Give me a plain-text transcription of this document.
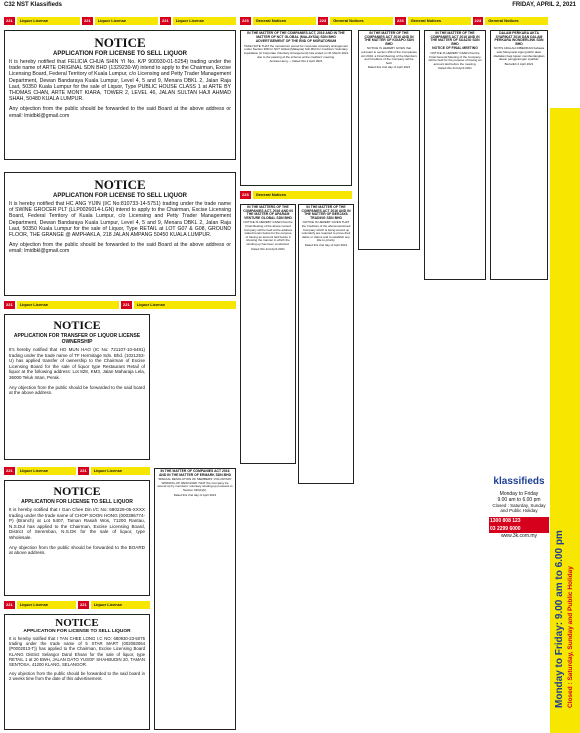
C32 NST Klassifieds	FRIDAY, APRIL 2, 2021
221	Liquor License	221	Liquor License	221	Liquor License	223	General Notices	223	General Notices	223	General Notices	223	General Notices
NOTICE
APPLICATION FOR LICENSE TO SELL LIQUOR
It is hereby notified that FELICIA CHUA SHIN YI No. K/P 900930-01-5254) trading under the trade name of ARTE ORIGINAL SDN BHD (1329230-W) intend to apply to the Chairman, Excise Licensing Board, Federal Territory of Kuala Lumpur, c/o Licensing and Petty Trader Management Department, Dewan Bandaraya Kuala Lumpur, Level 4, 5 and 9, Menara DBKL 2, Jalan Raja Laut, 50350 Kuala Lumpur for the sale of Liquor, Type PUBLIC HOUSE CLASS 1 at ARTE BY THOMAS CHAN, ARTE MONT KIARA, TOWER 2, LEVEL 46, JALAN SULTAN HAJI AHMAD SHAH, 50480 KUALA LUMPUR.
Any objection from the public should be forwarded to the said Board at the above address or email: lmidbkl@gmail.com
NOTICE
APPLICATION FOR LICENSE TO SELL LIQUOR
It is hereby notified that HC ANG YIJIN (I/C No:810733-14-5751) trading under the trade name of SWINE GROCER PLT (LLP0026014-LGN) intend to apply to the Chairman, Excise Licensing Board, Federal Territory of Kuala Lumpur, c/o Licensing and Petty Trader Management Department, Dewan Bandaraya Kuala Lumpur, Level 4, 5 and 9, Menara DBKL 2, Jalan Raja Laut, 50350 Kuala Lumpur for the sale of Liquor, Type RETAIL at LOT G07 & G08, GROUND FLOOR, THE GRANGE @ AMPHAKLA, 218 JALAN AMPANG 50450 KUALA LUMPUR.
Any objection from the public should be forwarded to the said Board at the above address or email: lmidbkl@gmail.com
221	Liquor License	221	Liquor License
NOTICE
APPLICATION FOR TRANSFER OF LIQUOR LICENSE OWNERSHIP
It's hereby notified that HO MUN HAO (IC No: 721107-10-6481) trading under the trade name of TF Hermitage Sdn. Bhd. (1021253-U) has applied transfer of ownership to the Chairman of Excise Licensing Board for the sale of liquor type Restaurant Retail of liquor at the following address: Lot 828, KM3, Jalan Maharaja Lela, 36000 Teluk Intan, Perak.
Any objection from the public should be forwarded to the said board at the above address.
221	Liquor License	221	Liquor License
NOTICE
APPLICATION FOR LICENSE TO SELL LIQUOR
It is hereby notified that I Gan Chee Din I/C No: 680229-05-XXXX trading under the trade name of CHOP SOON HONG (000395774-P) (Branch) at Lot 5407, Taman Rasah Wos, 71200 Rantau, N.S.Dul has applied to the Chairman, Excise Licensing Board, District of Seremban, N.S.DK for the sale of liquor, type Wholesale.
Any objection from the public should be forwarded to the BOARD at above address.
221	Liquor License	221	Liquor License
NOTICE
APPLICATION FOR LICENSE TO SELL LIQUOR
It is hereby notified that I TAN CHEE LONG I.C NO: 680930-23-5075 trading under the trade name of 5 STAR MART (002093064 (P0002013-T)) has applied to the Chairman, Excise Licensing Board KLANG District Selangor Darul Ehsan for the sale of liquor, type RETAIL 1 at 20 BWH, JALAN DATO YUSOF SHAHBUDIN 20, TAMAN SENTOSA, 41200 KLANG, SELANGOR.
Any objection from the public should be forwarded to the said board in 2 weeks time from the date of this advertisement.

IN THE MATTER OF THE COMPANIES ACT, 2016 AND IN THE MATTER OF NCT GLOBAL (MALAYSIA) SDN BHD

ADVERTISEMENT OF THE END OF MORATORIUM

TAKE NOTE THAT the moratorium period for corporate voluntary arrangement under Section 398 for NCT Global (Malaysia) Sdn Bhd for Creditors' Voluntary Liquidation (A Corporate Voluntary Arrangement) has ended on 31 March 2021 due to the passing of the scheme at the creditors' meeting.

Andrew Heng — Dated this 2 April 2021

IN THE MATTER OF THE COMPANIES ACT 2016 AND IN THE MATTER OF KOIAPO SDN BHD

NOTICE IS HEREBY GIVEN that pursuant to section 459 of the Companies Act 2016, a Final Meeting of the Members and Creditors of the Company will be held.

Dated this 2nd day of April 2021

IN THE MATTER OF THE COMPANIES ACT 2016 AND IN THE MATTER OF SUAZIO SDN BHD

NOTICE OF FINAL MEETING

NOTICE IS HEREBY GIVEN that the Final General Meeting of the Company will be held for the purpose of having an account laid before the meeting.

Dated this 2nd April 2021

DALAM PERKARA AKTA SYARIKAT 2016 DAN DALAM PERKARA WONDERLINK SDN BHD

NOTIS ADALAH DIBERIKAN bahawa satu Mesyuarat Agung Akhir akan diadakan bagi tujuan membentangkan akaun penggulungan syarikat.

Bertarikh 2 April 2021

223	General Notices

IN THE MATTERS OF THE COMPANIES ACT, 2016 AND IN THE MATTER OF APARAM VENTURE GLOBAL SDN BHD

NOTICE IS HEREBY GIVEN that the Final Meeting of the above named Company will be held at the address stated herein below for the purpose of having an account laid before it showing the manner in which the winding up has been conducted.

Dated this 2nd April 2021

IN THE MATTER OF THE COMPANIES ACT 2016 AND IN THE MATTER OF BERJAYA TRADING SDN BHD

NOTICE IS HEREBY GIVEN THAT the Creditors of the abovementioned Company which is being wound up voluntarily are required to prove their debts or claims and to establish any title to priority.

Dated this 2nd day of April 2021

IN THE MATTER OF COMPANIES ACT 2016 AND IN THE MATTER OF ERMARK SDN BHD

SPECIAL RESOLUTION OF MEMBERS' VOLUNTARY WINDING-UP. RESOLVED THAT the Company be wound up by members' voluntary winding-up pursuant to Section 439(1)(b).

Dated this 2nd day of April 2021

Monday to Friday: 9.00 am to 6.00 pm Closed : Saturday, Sunday and Public Holiday
klassifieds
Monday to Friday
9.00 am to 6.00 pm
Closed : Saturday, Sunday and Public Holiday
1300 808 123
03 2299 6000
www.3k.com.my
